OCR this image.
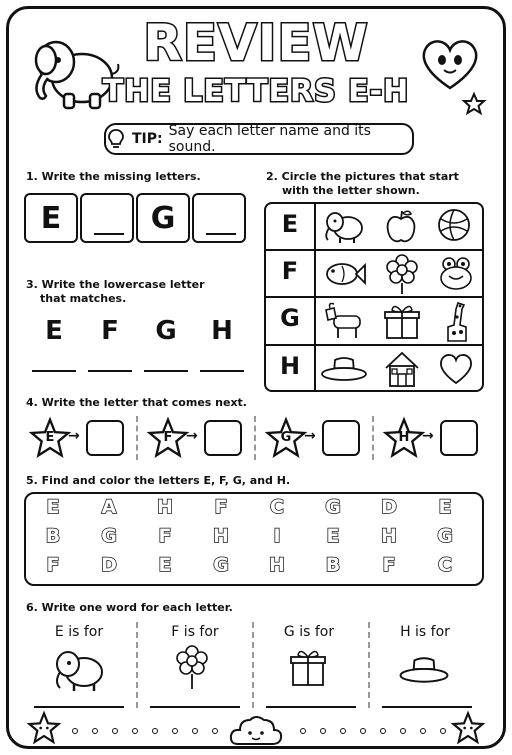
REVIEW
THE LETTERS E-H
TIP: Say each letter name and its sound.
1. Write the missing letters.
E	G
2. Circle the pictures that start
with the letter shown.
E
F
G
H
3. Write the lowercase letter
that matches.
E	F	G	H
4. Write the letter that comes next.
E →	F →	G →	H →
5. Find and color the letters E, F, G, and H.
E	A	H	F	C	G	D	E
B	G	F	H	I	E	H	G
F	D	E	G	H	B	F	C
6. Write one word for each letter.
E is for	F is for	G is for	H is for
